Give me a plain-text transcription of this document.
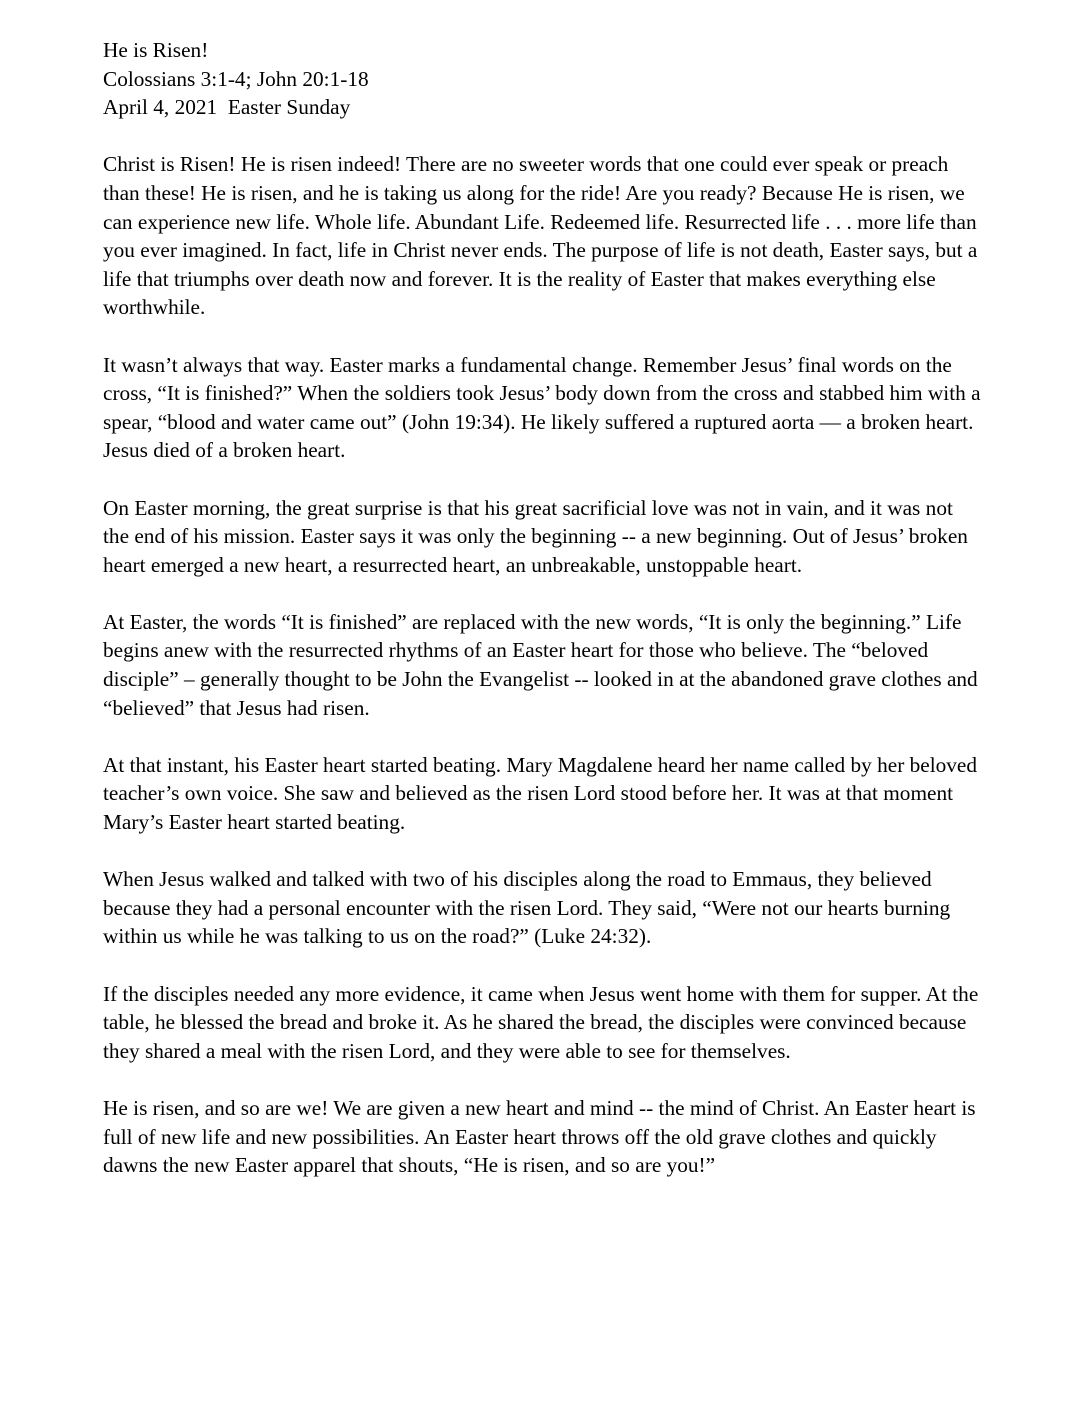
He is Risen!
Colossians 3:1-4; John 20:1-18
April 4, 2021  Easter Sunday

Christ is Risen! He is risen indeed! There are no sweeter words that one could ever speak or preach than these! He is risen, and he is taking us along for the ride! Are you ready? Because He is risen, we can experience new life. Whole life. Abundant Life. Redeemed life. Resurrected life . . . more life than you ever imagined. In fact, life in Christ never ends. The purpose of life is not death, Easter says, but a life that triumphs over death now and forever. It is the reality of Easter that makes everything else worthwhile.

It wasn’t always that way. Easter marks a fundamental change. Remember Jesus’ final words on the cross, “It is finished?” When the soldiers took Jesus’ body down from the cross and stabbed him with a spear, “blood and water came out” (John 19:34). He likely suffered a ruptured aorta — a broken heart. Jesus died of a broken heart.

On Easter morning, the great surprise is that his great sacrificial love was not in vain, and it was not the end of his mission. Easter says it was only the beginning -- a new beginning. Out of Jesus’ broken heart emerged a new heart, a resurrected heart, an unbreakable, unstoppable heart.

At Easter, the words “It is finished” are replaced with the new words, “It is only the beginning.” Life begins anew with the resurrected rhythms of an Easter heart for those who believe. The “beloved disciple” – generally thought to be John the Evangelist -- looked in at the abandoned grave clothes and “believed” that Jesus had risen.

At that instant, his Easter heart started beating. Mary Magdalene heard her name called by her beloved teacher’s own voice. She saw and believed as the risen Lord stood before her. It was at that moment Mary’s Easter heart started beating.

When Jesus walked and talked with two of his disciples along the road to Emmaus, they believed because they had a personal encounter with the risen Lord. They said, “Were not our hearts burning within us while he was talking to us on the road?” (Luke 24:32).

If the disciples needed any more evidence, it came when Jesus went home with them for supper. At the table, he blessed the bread and broke it. As he shared the bread, the disciples were convinced because they shared a meal with the risen Lord, and they were able to see for themselves.

He is risen, and so are we! We are given a new heart and mind -- the mind of Christ. An Easter heart is full of new life and new possibilities. An Easter heart throws off the old grave clothes and quickly dawns the new Easter apparel that shouts, “He is risen, and so are you!”
